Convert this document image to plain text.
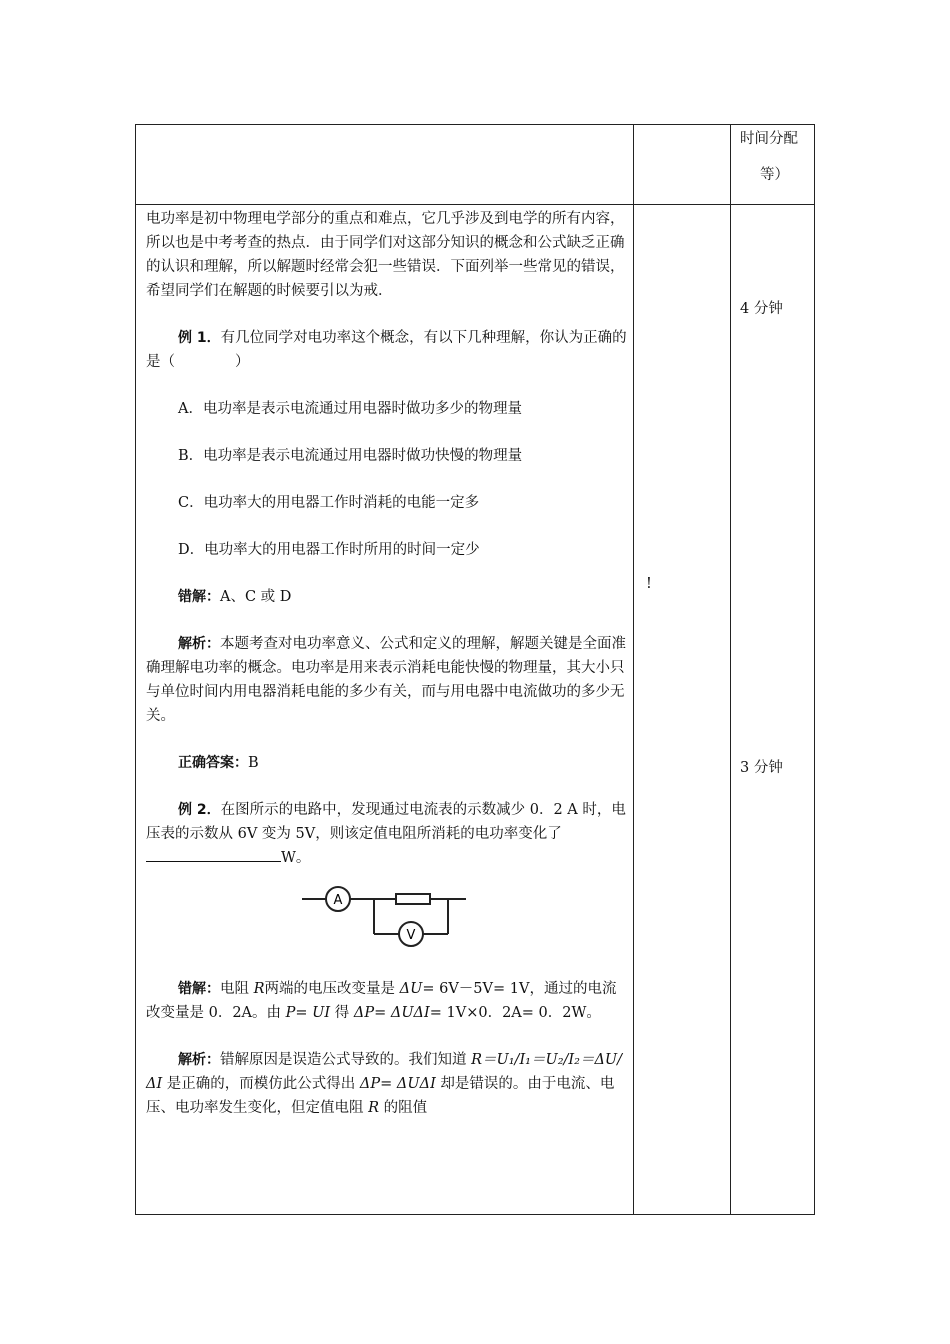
时间分配
等）
!
4 分钟
3 分钟

电功率是初中物理电学部分的重点和难点，它几乎涉及到电学的所有内容，所以也是中考考查的热点．由于同学们对这部分知识的概念和公式缺乏正确的认识和理解，所以解题时经常会犯一些错误．下面列举一些常见的错误，希望同学们在解题的时候要引以为戒．

例 1．有几位同学对电功率这个概念，有以下几种理解，你认为正确的是（	）

A．电功率是表示电流通过用电器时做功多少的物理量

B．电功率是表示电流通过用电器时做功快慢的物理量

C．电功率大的用电器工作时消耗的电能一定多

D．电功率大的用电器工作时所用的时间一定少

错解：A、C 或 D

解析：本题考查对电功率意义、公式和定义的理解，解题关键是全面准确理解电功率的概念。电功率是用来表示消耗电能快慢的物理量，其大小只与单位时间内用电器消耗电能的多少有关，而与用电器中电流做功的多少无关。

正确答案：B

例 2．在图所示的电路中，发现通过电流表的示数减少 0．2 A 时，电压表的示数从 6V 变为 5V，则该定值电阻所消耗的电功率变化了W。

A
V

错解：电阻 R两端的电压改变量是 ΔU= 6V－5V= 1V，通过的电流改变量是 0．2A。由 P= UI 得 ΔP= ΔUΔI= 1V×0．2A= 0．2W。

解析：错解原因是误造公式导致的。我们知道 R＝U₁/I₁＝U₂/I₂＝ΔU/ΔI 是正确的，而模仿此公式得出 ΔP= ΔUΔI 却是错误的。由于电流、电压、电功率发生变化，但定值电阻 R 的阻值
